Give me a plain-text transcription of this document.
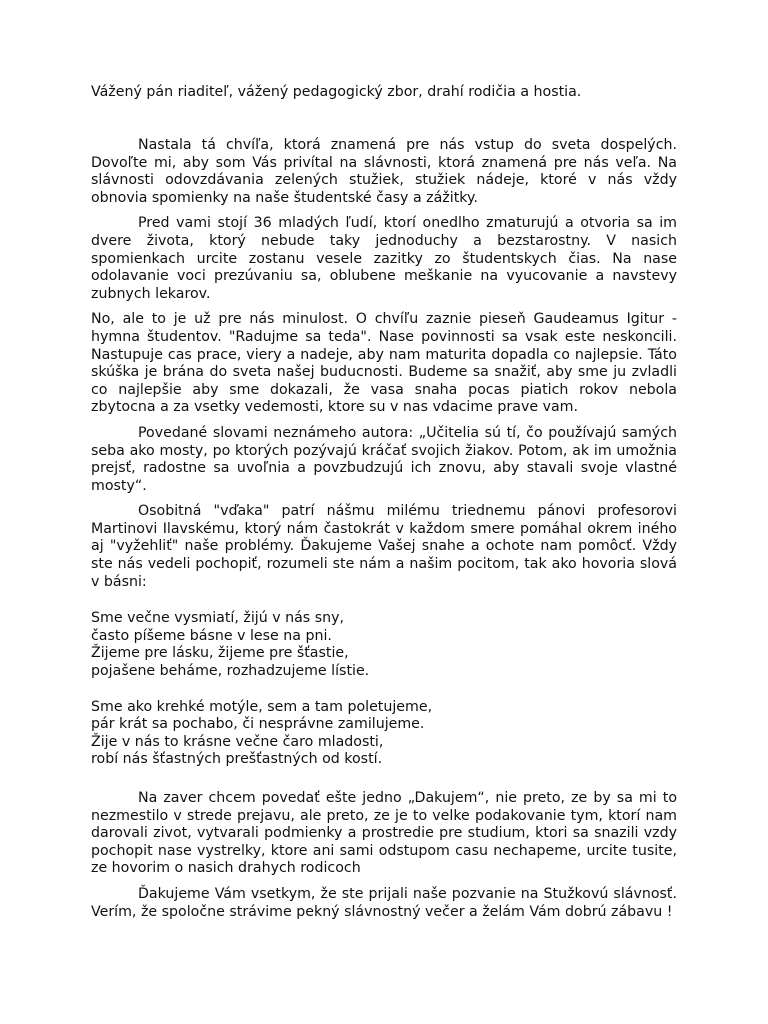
Vážený pán riaditeľ, vážený pedagogický zbor, drahí rodičia a hostia.

Nastala tá chvíľa, ktorá znamená pre nás vstup do sveta dospelých. Dovoľte mi, aby som Vás privítal na slávnosti, ktorá znamená pre nás veľa. Na slávnosti odovzdávania zelených stužiek, stužiek nádeje, ktoré v nás vždy obnovia spomienky na naše študentské časy a zážitky.

Pred vami stojí 36 mladých ľudí, ktorí onedlho zmaturujú a otvoria sa im dvere života, ktorý nebude taky jednoduchy a bezstarostny. V nasich spomienkach urcite zostanu vesele zazitky zo študentskych čias. Na nase odolavanie voci prezúvaniu sa, oblubene meškanie na vyucovanie a navstevy zubnych lekarov.

No, ale to je už pre nás minulost. O chvíľu zaznie pieseň Gaudeamus Igitur - hymna študentov. "Radujme sa teda". Nase povinnosti sa vsak este neskoncili. Nastupuje cas prace, viery a nadeje, aby nam maturita dopadla co najlepsie. Táto skúška je brána do sveta našej buducnosti. Budeme sa snažiť, aby sme ju zvladli co najlepšie aby sme dokazali, že vasa snaha pocas piatich rokov nebola zbytocna a za vsetky vedemosti, ktore su v nas vdacime prave vam.

Povedané slovami neznámeho autora: „Učitelia sú tí, čo používajú samých seba ako mosty, po ktorých pozývajú kráčať svojich žiakov. Potom, ak im umožnia prejsť, radostne sa uvoľnia a povzbudzujú ich znovu, aby stavali svoje vlastné mosty“.

Osobitná "vďaka" patrí nášmu milému triednemu pánovi profesorovi Martinovi Ilavskému, ktorý nám častokrát v každom smere pomáhal okrem iného aj "vyžehliť" naše problémy. Ďakujeme Vašej snahe a ochote nam pomôcť. Vždy ste nás vedeli pochopiť, rozumeli ste nám a našim pocitom, tak ako hovoria slová v básni:

Sme večne vysmiatí, žijú v nás sny,
často píšeme básne v lese na pni.
Žijeme pre lásku, žijeme pre šťastie,
pojašene beháme, rozhadzujeme lístie.
Sme ako krehké motýle, sem a tam poletujeme,
pár krát sa pochabo, či nesprávne zamilujeme.
Žije v nás to krásne večne čaro mladosti,
robí nás šťastných prešťastných od kostí.

Na zaver chcem povedať ešte jedno „Dakujem“, nie preto, ze by sa mi to nezmestilo v strede prejavu, ale preto, ze je to velke podakovanie tym, ktorí nam darovali zivot, vytvarali podmienky a prostredie pre studium, ktori sa snazili vzdy pochopit nase vystrelky, ktore ani sami odstupom casu nechapeme, urcite tusite, ze hovorim o nasich drahych rodicoch

Ďakujeme Vám vsetkym, že ste prijali naše pozvanie na Stužkovú slávnosť. Verím, že spoločne strávime pekný slávnostný večer a želám Vám dobrú zábavu !
